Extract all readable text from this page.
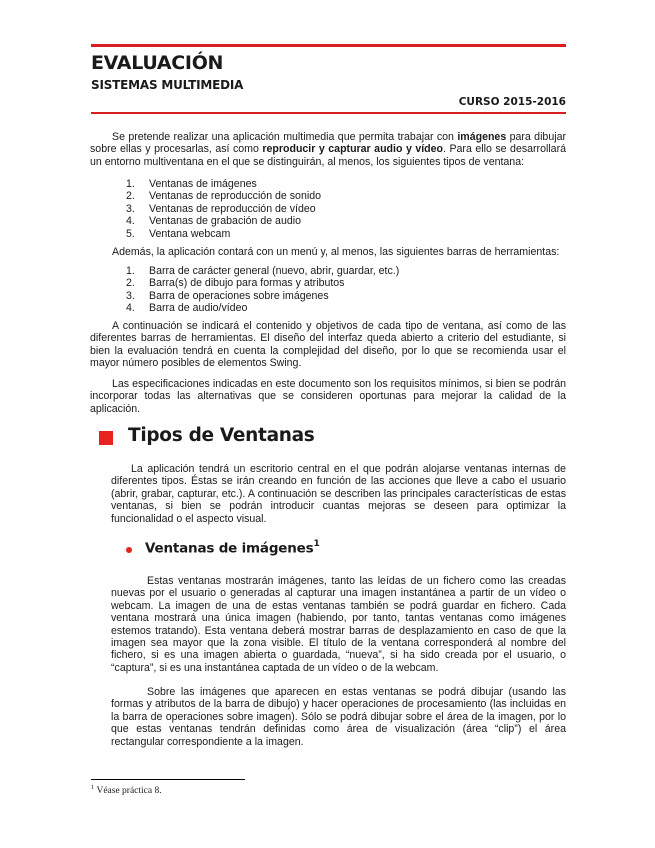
EVALUACIÓN
SISTEMAS MULTIMEDIA
CURSO 2015-2016

Se pretende realizar una aplicación multimedia que permita trabajar con imágenes para dibujar sobre ellas y procesarlas, así como reproducir y capturar audio y vídeo. Para ello se desarrollará un entorno multiventana en el que se distinguirán, al menos, los siguientes tipos de ventana:

1. Ventanas de imágenes
2. Ventanas de reproducción de sonido
3. Ventanas de reproducción de vídeo
4. Ventanas de grabación de audio
5. Ventana webcam

Además, la aplicación contará con un menú y, al menos, las siguientes barras de herramientas:

1. Barra de carácter general (nuevo, abrir, guardar, etc.)
2. Barra(s) de dibujo para formas y atributos
3. Barra de operaciones sobre imágenes
4. Barra de audio/vídeo

A continuación se indicará el contenido y objetivos de cada tipo de ventana, así como de las diferentes barras de herramientas. El diseño del interfaz queda abierto a criterio del estudiante, si bien la evaluación tendrá en cuenta la complejidad del diseño, por lo que se recomienda usar el mayor número posibles de elementos Swing.

Las especificaciones indicadas en este documento son los requisitos mínimos, si bien se podrán incorporar todas las alternativas que se consideren oportunas para mejorar la calidad de la aplicación.

Tipos de Ventanas

La aplicación tendrá un escritorio central en el que podrán alojarse ventanas internas de diferentes tipos. Éstas se irán creando en función de las acciones que lleve a cabo el usuario (abrir, grabar, capturar, etc.). A continuación se describen las principales características de estas ventanas, si bien se podrán introducir cuantas mejoras se deseen para optimizar la funcionalidad o el aspecto visual.

Ventanas de imágenes$^1$

Estas ventanas mostrarán imágenes, tanto las leídas de un fichero como las creadas nuevas por el usuario o generadas al capturar una imagen instantánea a partir de un vídeo o webcam. La imagen de una de estas ventanas también se podrá guardar en fichero. Cada ventana mostrará una única imagen (habiendo, por tanto, tantas ventanas como imágenes estemos tratando). Esta ventana deberá mostrar barras de desplazamiento en caso de que la imagen sea mayor que la zona visible. El título de la ventana corresponderá al nombre del fichero, si es una imagen abierta o guardada, “nueva”, si ha sido creada por el usuario, o “captura”, si es una instantánea captada de un vídeo o de la webcam.

Sobre las imágenes que aparecen en estas ventanas se podrá dibujar (usando las formas y atributos de la barra de dibujo) y hacer operaciones de procesamiento (las incluidas en la barra de operaciones sobre imagen). Sólo se podrá dibujar sobre el área de la imagen, por lo que estas ventanas tendrán definidas como área de visualización (área “clip”) el área rectangular correspondiente a la imagen.

$^1$ Véase práctica 8.
